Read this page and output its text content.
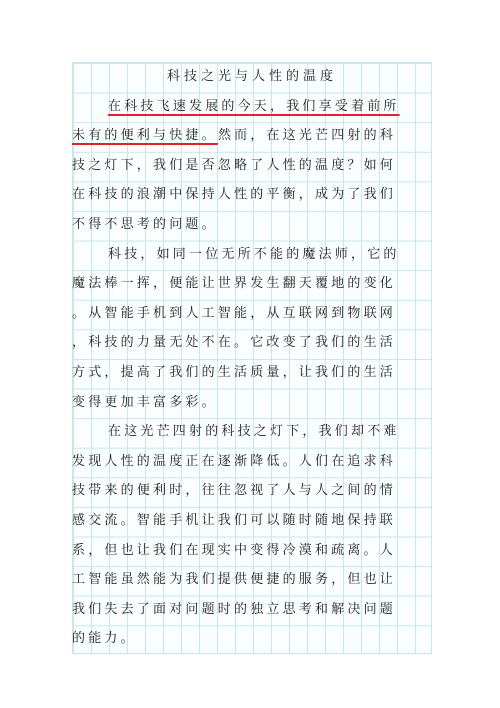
科技之光与人性的温度
在科技飞速发展的今天，我们享受着前所
未有的便利与快捷。然而，在这光芒四射的科
技之灯下，我们是否忽略了人性的温度？如何
在科技的浪潮中保持人性的平衡，成为了我们
不得不思考的问题。
科技，如同一位无所不能的魔法师，它的
魔法棒一挥，便能让世界发生翻天覆地的变化
。从智能手机到人工智能，从互联网到物联网
，科技的力量无处不在。它改变了我们的生活
方式，提高了我们的生活质量，让我们的生活
变得更加丰富多彩。
在这光芒四射的科技之灯下，我们却不难
发现人性的温度正在逐渐降低。人们在追求科
技带来的便利时，往往忽视了人与人之间的情
感交流。智能手机让我们可以随时随地保持联
系，但也让我们在现实中变得冷漠和疏离。人
工智能虽然能为我们提供便捷的服务，但也让
我们失去了面对问题时的独立思考和解决问题
的能力。
